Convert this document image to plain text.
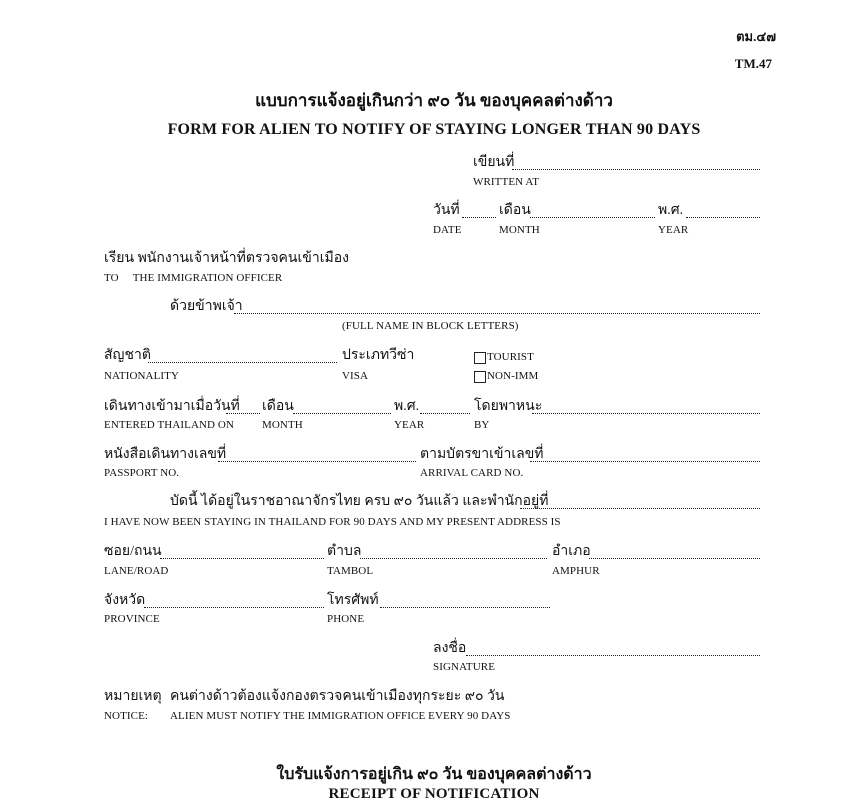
ตม.๔๗
TM.47
แบบการแจ้งอยู่เกินกว่า ๙๐ วัน ของบุคคลต่างด้าว
FORM FOR ALIEN TO NOTIFY OF STAYING LONGER THAN 90 DAYS
เขียนที่
WRITTEN AT
วันที่	เดือน	พ.ศ.
DATE	MONTH	YEAR
เรียน พนักงานเจ้าหน้าที่ตรวจคนเข้าเมือง
TO     THE IMMIGRATION OFFICER
ด้วยข้าพเจ้า
(FULL NAME IN BLOCK LETTERS)
สัญชาติ
NATIONALITY
ประเภทวีซ่า
VISA
TOURIST
NON-IMM
เดินทางเข้ามาเมื่อวันที่ เดือน	พ.ศ.	โดยพาหนะ
ENTERED THAILAND ON	MONTH	YEAR	BY
หนังสือเดินทางเลขที่
PASSPORT NO.
ตามบัตรขาเข้าเลขที่
ARRIVAL CARD NO.
บัดนี้ ได้อยู่ในราชอาณาจักรไทย ครบ ๙๐ วันแล้ว และพำนักอยู่ที่
I HAVE NOW BEEN STAYING IN THAILAND FOR 90 DAYS AND MY PRESENT ADDRESS IS
ซอย/ถนน
LANE/ROAD
ตำบล
TAMBOL
อำเภอ
AMPHUR
จังหวัด
PROVINCE
โทรศัพท์
PHONE
ลงชื่อ
SIGNATURE
หมายเหตุ คนต่างด้าวต้องแจ้งกองตรวจคนเข้าเมืองทุกระยะ ๙๐ วัน
NOTICE: ALIEN MUST NOTIFY THE IMMIGRATION OFFICE EVERY 90 DAYS
ใบรับแจ้งการอยู่เกิน ๙๐ วัน ของบุคคลต่างด้าว
RECEIPT OF NOTIFICATION
